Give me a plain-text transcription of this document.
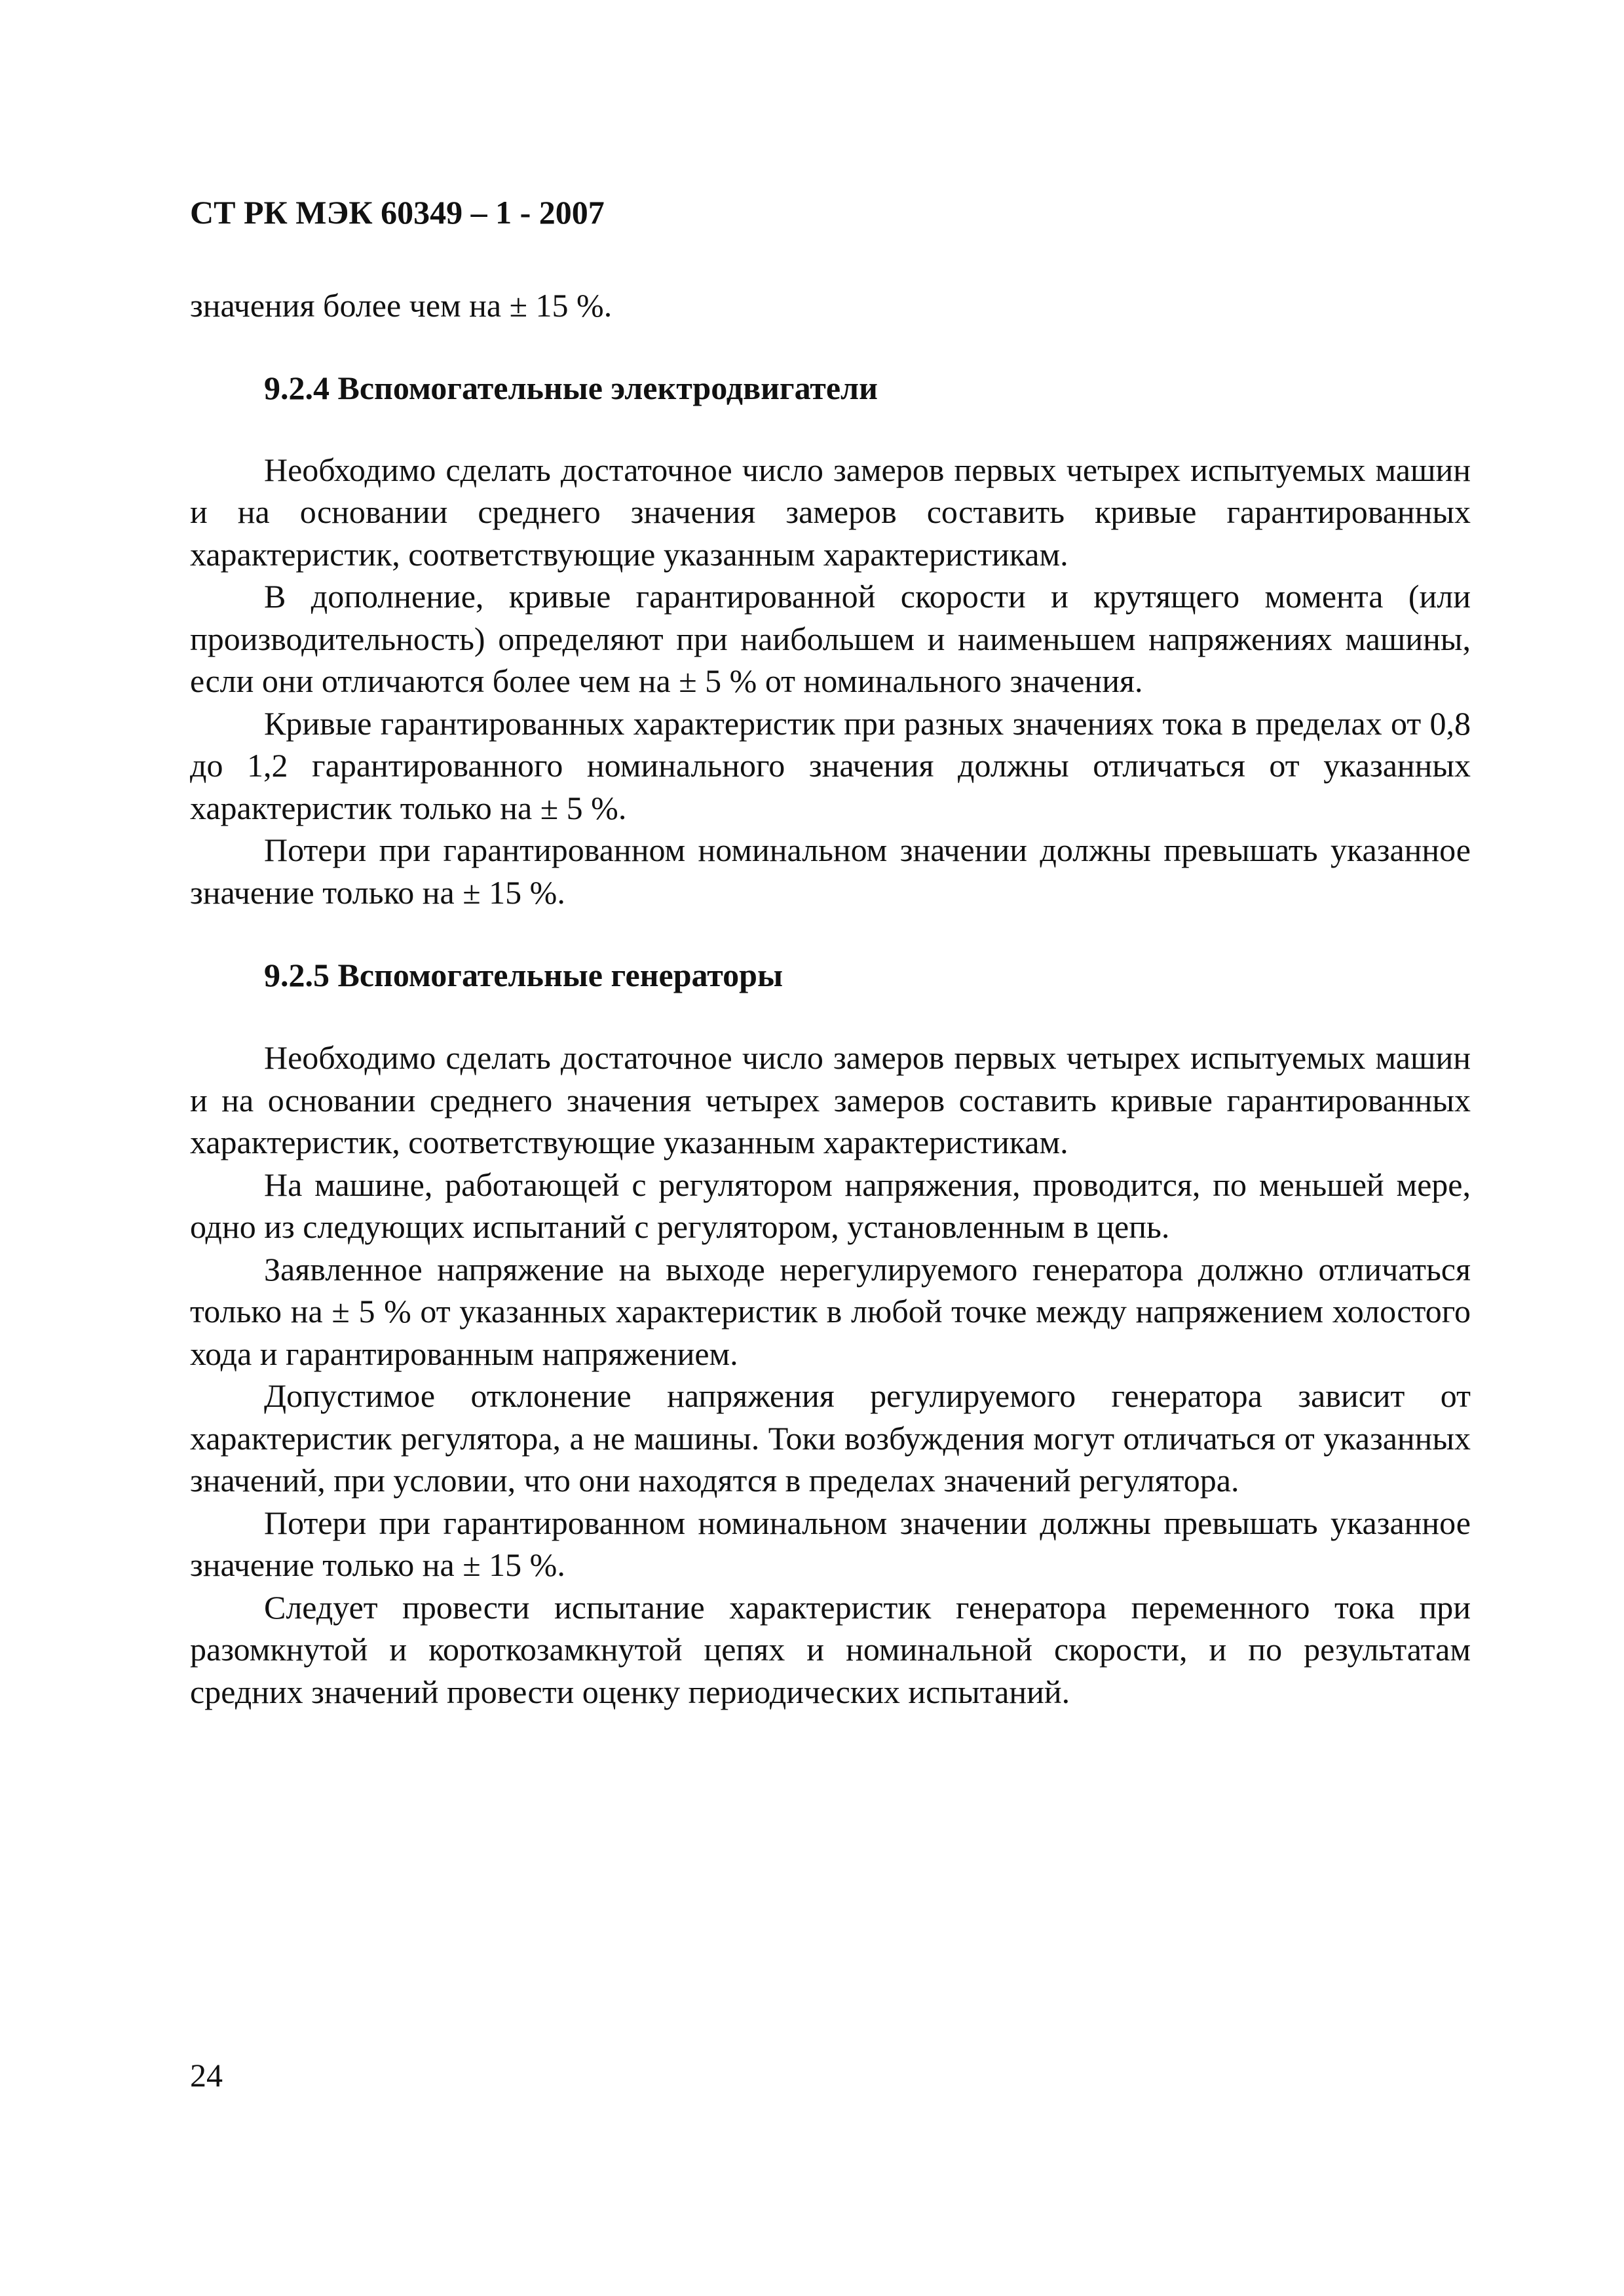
СТ РК МЭК 60349 – 1 - 2007

значения более чем на ± 15 %.

9.2.4 Вспомогательные электродвигатели

Необходимо сделать достаточное число замеров первых четырех испытуемых машин и на основании среднего значения замеров составить кривые гарантированных характеристик, соответствующие указанным характеристикам.

В дополнение, кривые гарантированной скорости и крутящего момента (или производительность) определяют при наибольшем и наименьшем напряжениях машины, если они отличаются более чем на ± 5 % от номинального значения.

Кривые гарантированных характеристик при разных значениях тока в пределах от 0,8 до 1,2 гарантированного номинального значения должны отличаться от указанных характеристик только на ± 5 %.

Потери при гарантированном номинальном значении должны превышать указанное значение только на ± 15 %.

9.2.5 Вспомогательные генераторы

Необходимо сделать достаточное число замеров первых четырех испытуемых машин и на основании среднего значения четырех замеров составить кривые гарантированных характеристик, соответствующие указанным характеристикам.

На машине, работающей с регулятором напряжения, проводится, по меньшей мере, одно из следующих испытаний с регулятором, установленным в цепь.

Заявленное напряжение на выходе нерегулируемого генератора должно отличаться только на ± 5 % от указанных характеристик в любой точке между напряжением холостого хода и гарантированным напряжением.

Допустимое отклонение напряжения регулируемого генератора зависит от характеристик регулятора, а не машины. Токи возбуждения могут отличаться от указанных значений, при условии, что они находятся в пределах значений регулятора.

Потери при гарантированном номинальном значении должны превышать указанное значение только на ± 15 %.

Следует провести испытание характеристик генератора переменного тока при разомкнутой и короткозамкнутой цепях и номинальной скорости, и по результатам средних значений провести оценку периодических испытаний.

24
